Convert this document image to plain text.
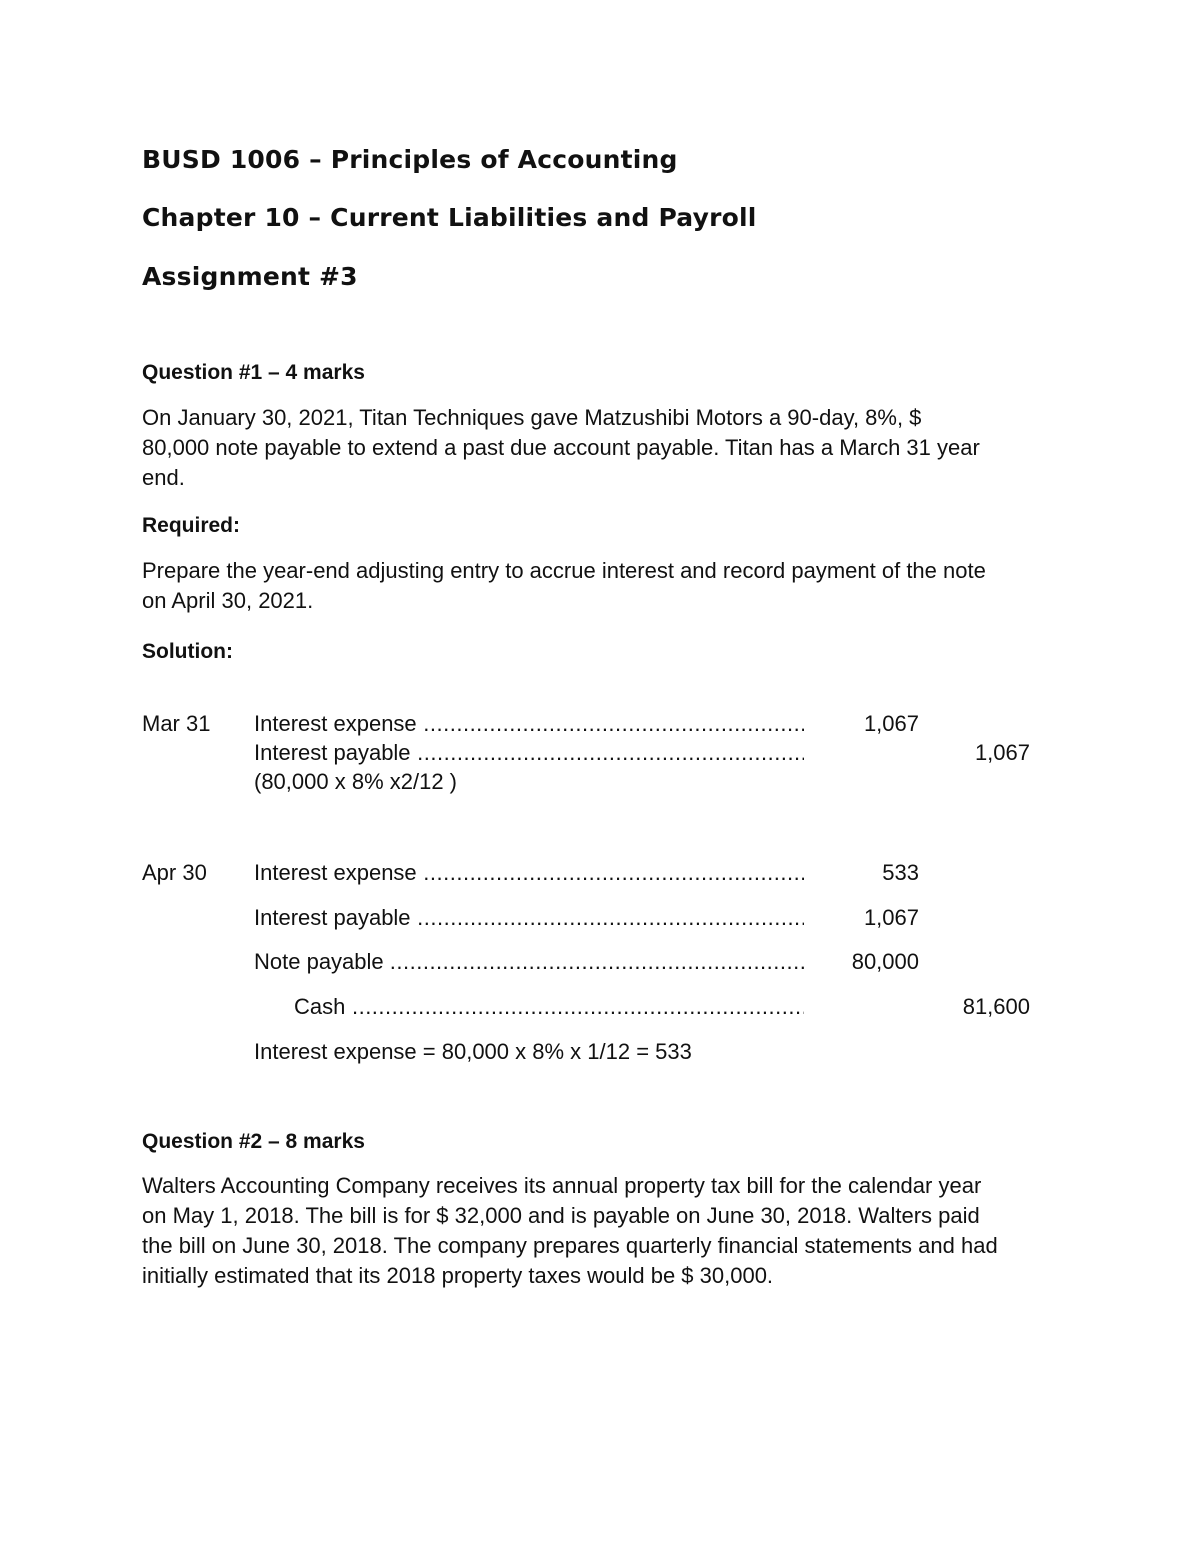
BUSD 1006 – Principles of Accounting
Chapter 10 – Current Liabilities and Payroll
Assignment #3
Question #1 – 4 marks
On January 30, 2021, Titan Techniques gave Matzushibi Motors a 90-day, 8%, $
80,000 note payable to extend a past due account payable. Titan has a March 31 year
end.
Required:
Prepare the year-end adjusting entry to accrue interest and record payment of the note
on April 30, 2021.
Solution:
Mar 31 Interest expense .....	1,067
Interest payable .....	1,067
(80,000 x 8% x2/12 )
Apr 30 Interest expense .....	533
Interest payable .....	1,067
Note payable .....	80,000
Cash .....	81,600
Interest expense = 80,000 x 8% x 1/12 = 533
Question #2 – 8 marks
Walters Accounting Company receives its annual property tax bill for the calendar year
on May 1, 2018. The bill is for $ 32,000 and is payable on June 30, 2018. Walters paid
the bill on June 30, 2018. The company prepares quarterly financial statements and had
initially estimated that its 2018 property taxes would be $ 30,000.
